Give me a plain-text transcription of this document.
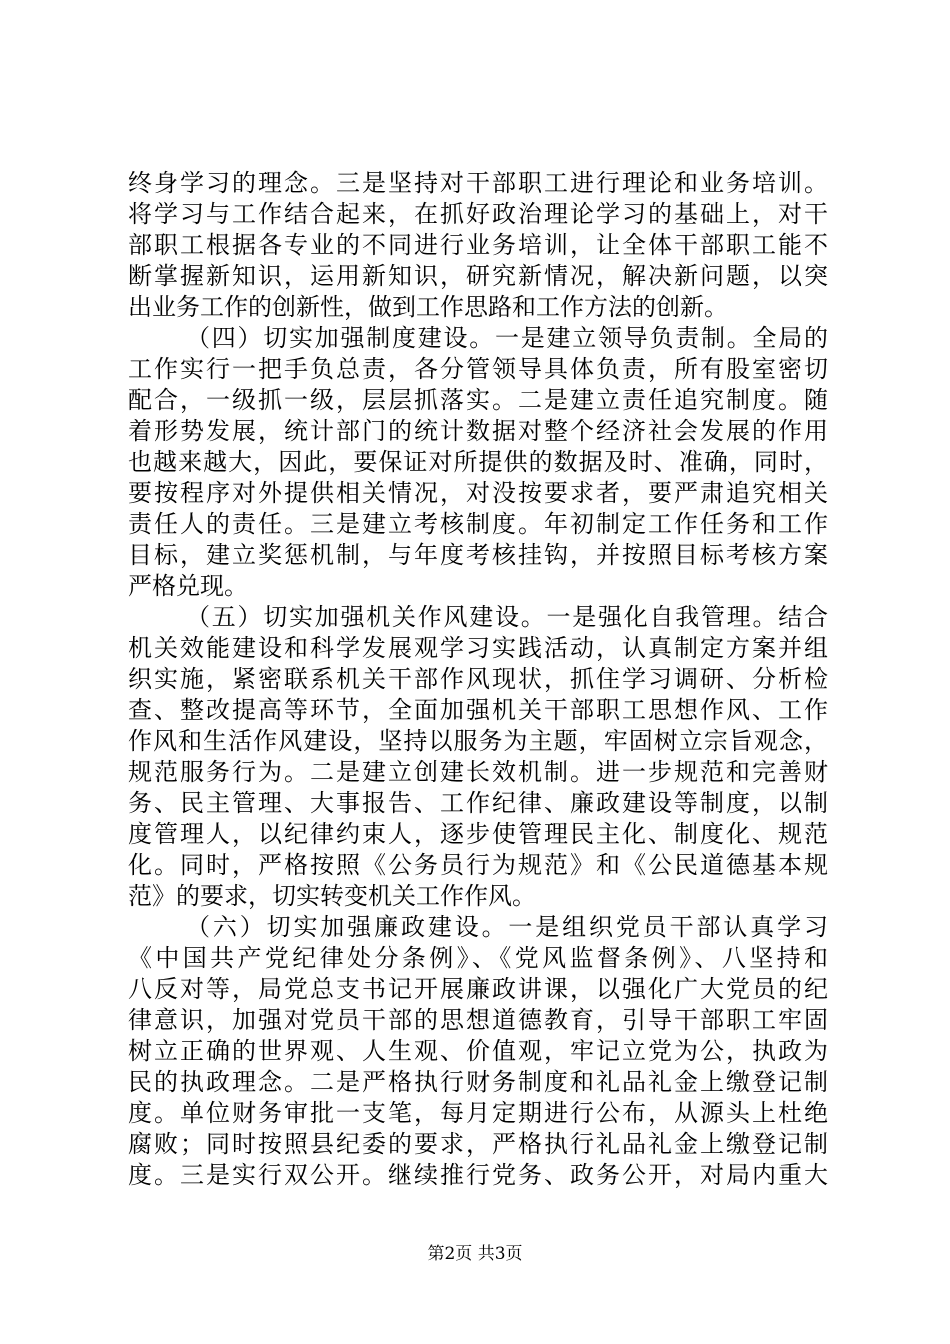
终身学习的理念。三是坚持对干部职工进行理论和业务培训。
将学习与工作结合起来，在抓好政治理论学习的基础上，对干
部职工根据各专业的不同进行业务培训，让全体干部职工能不
断掌握新知识，运用新知识，研究新情况，解决新问题，以突
出业务工作的创新性，做到工作思路和工作方法的创新。
（四）切实加强制度建设。一是建立领导负责制。全局的
工作实行一把手负总责，各分管领导具体负责，所有股室密切
配合，一级抓一级，层层抓落实。二是建立责任追究制度。随
着形势发展，统计部门的统计数据对整个经济社会发展的作用
也越来越大，因此，要保证对所提供的数据及时、准确，同时，
要按程序对外提供相关情况，对没按要求者，要严肃追究相关
责任人的责任。三是建立考核制度。年初制定工作任务和工作
目标，建立奖惩机制，与年度考核挂钩，并按照目标考核方案
严格兑现。
（五）切实加强机关作风建设。一是强化自我管理。结合
机关效能建设和科学发展观学习实践活动，认真制定方案并组
织实施，紧密联系机关干部作风现状，抓住学习调研、分析检
查、整改提高等环节，全面加强机关干部职工思想作风、工作
作风和生活作风建设，坚持以服务为主题，牢固树立宗旨观念，
规范服务行为。二是建立创建长效机制。进一步规范和完善财
务、民主管理、大事报告、工作纪律、廉政建设等制度，以制
度管理人，以纪律约束人，逐步使管理民主化、制度化、规范
化。同时，严格按照《公务员行为规范》和《公民道德基本规
范》的要求，切实转变机关工作作风。
（六）切实加强廉政建设。一是组织党员干部认真学习
《中国共产党纪律处分条例》、《党风监督条例》、八坚持和
八反对等，局党总支书记开展廉政讲课，以强化广大党员的纪
律意识，加强对党员干部的思想道德教育，引导干部职工牢固
树立正确的世界观、人生观、价值观，牢记立党为公，执政为
民的执政理念。二是严格执行财务制度和礼品礼金上缴登记制
度。单位财务审批一支笔，每月定期进行公布，从源头上杜绝
腐败；同时按照县纪委的要求，严格执行礼品礼金上缴登记制
度。三是实行双公开。继续推行党务、政务公开，对局内重大
第2页 共3页
